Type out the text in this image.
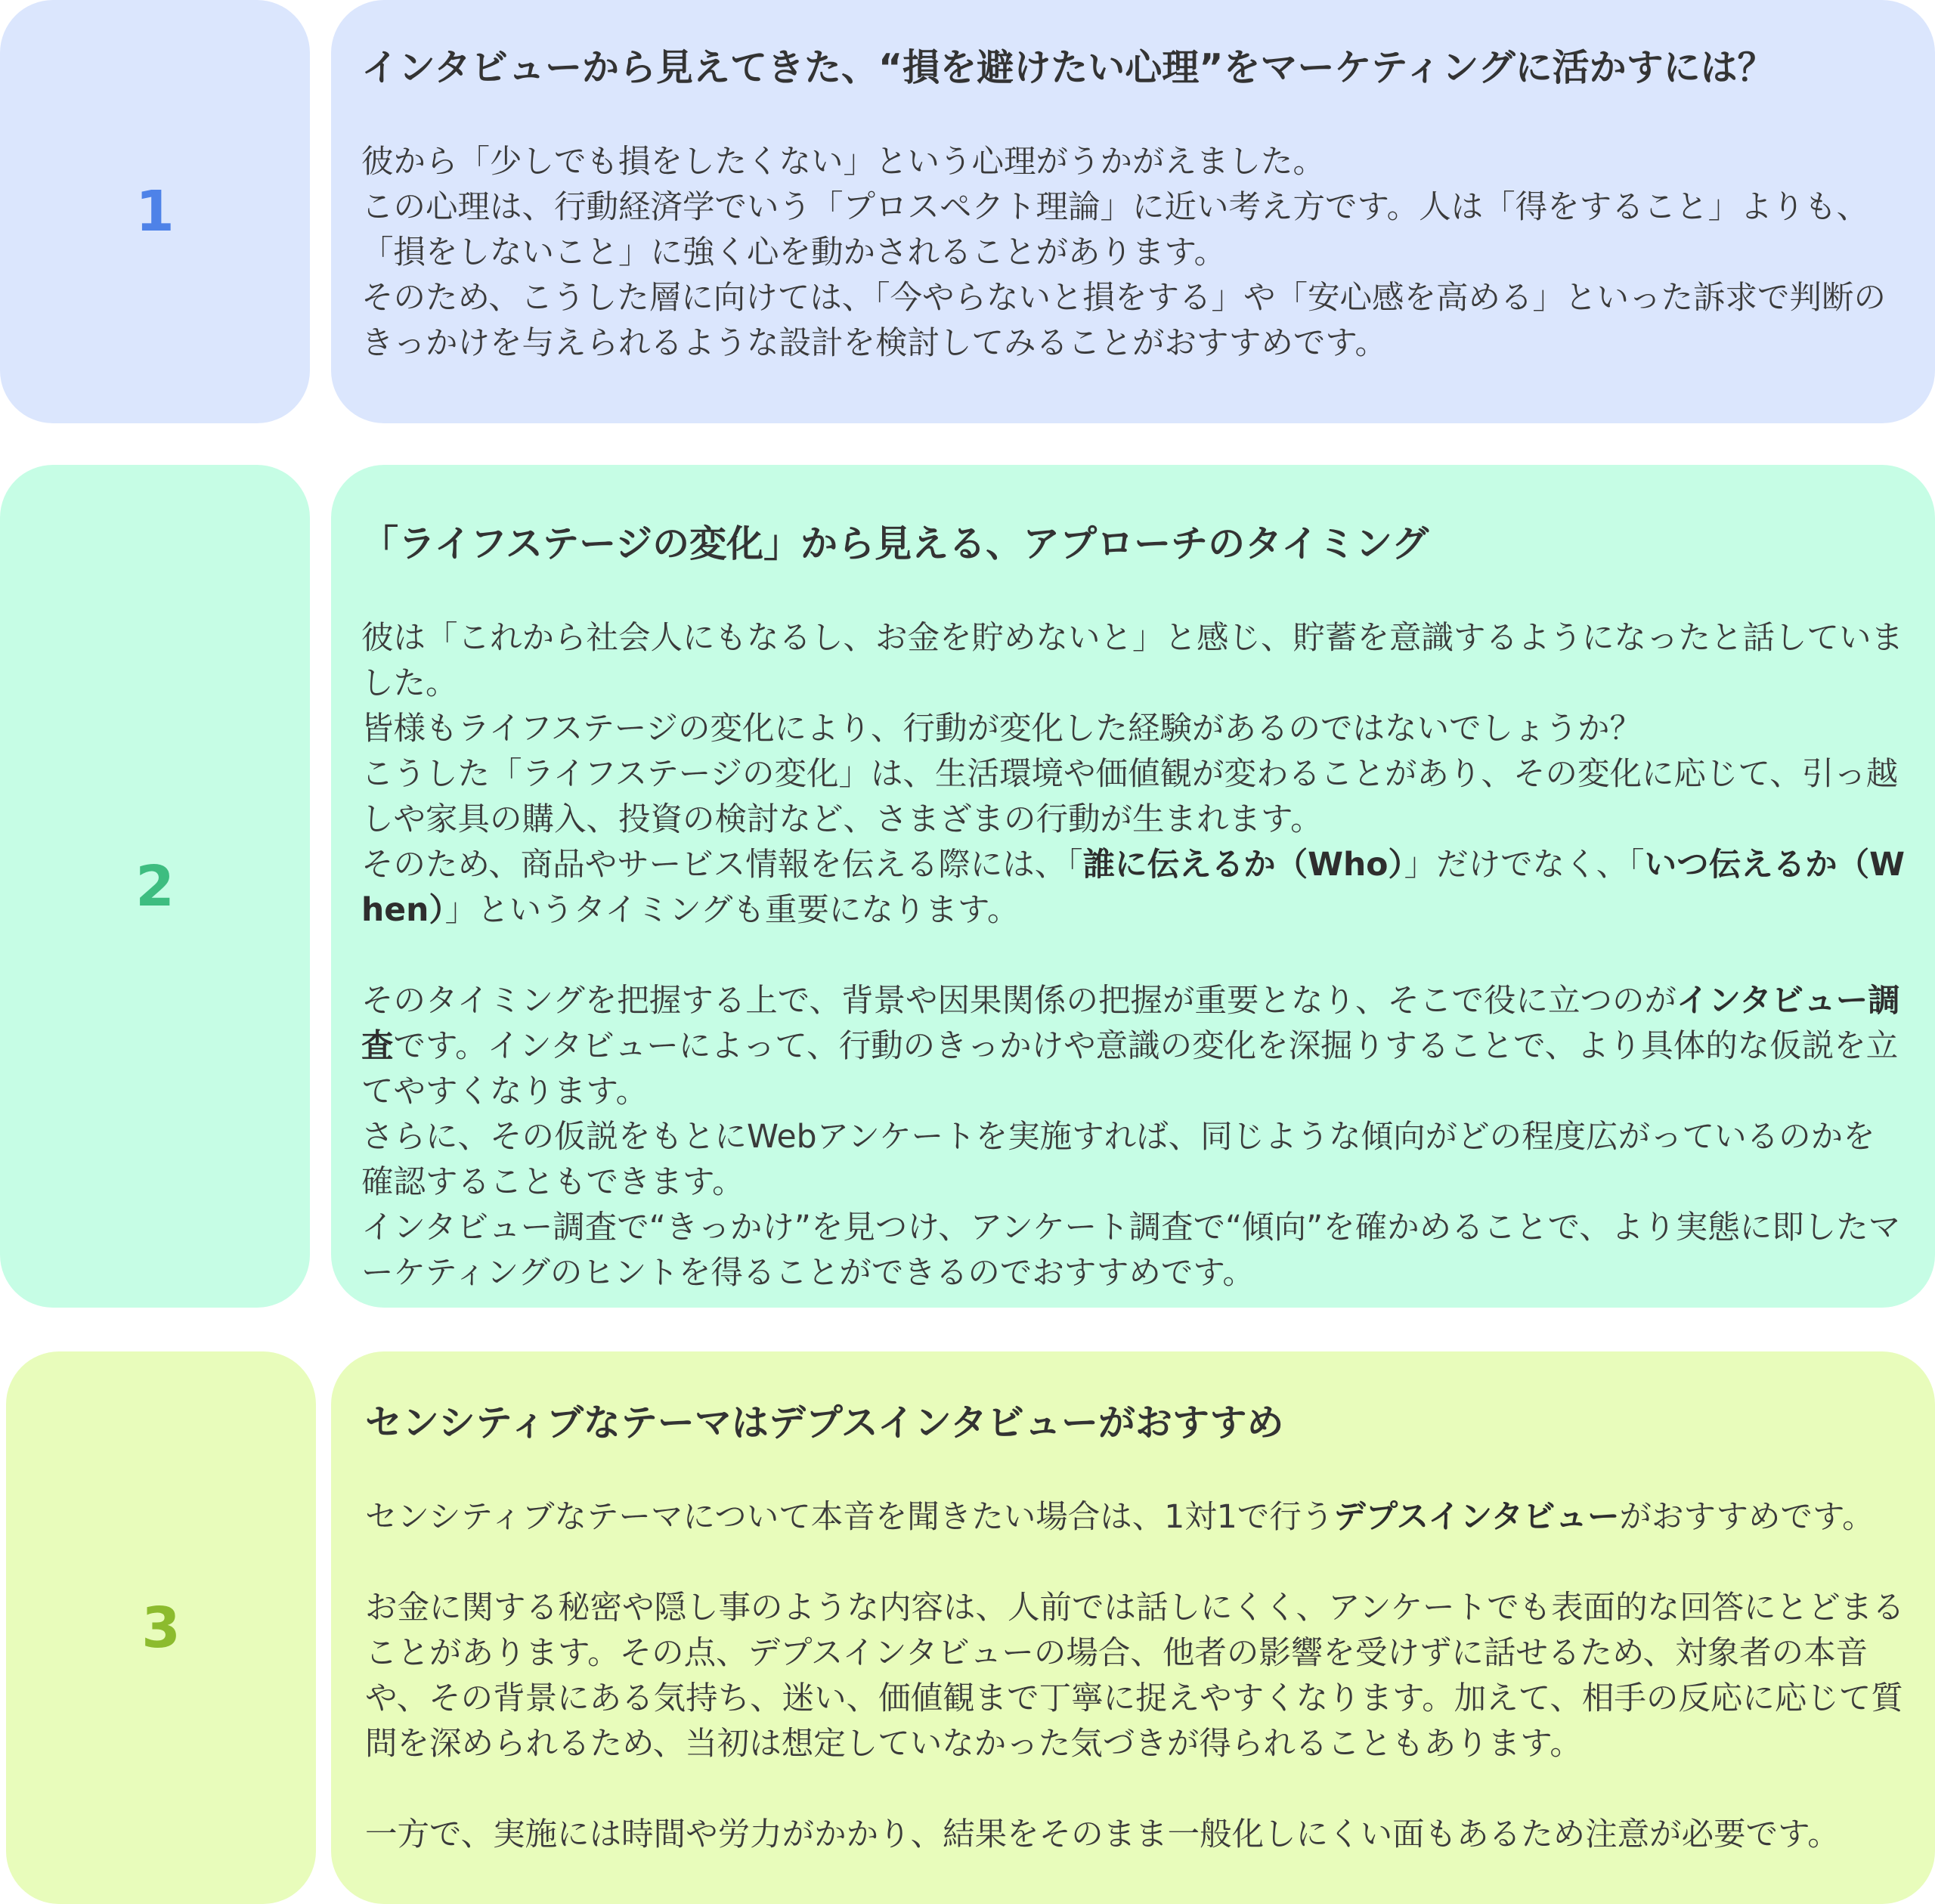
1
インタビューから見えてきた、“損を避けたい心理”をマーケティングに活かすには？

彼から「少しでも損をしたくない」という心理がうかがえました。

この心理は、行動経済学でいう「プロスペクト理論」に近い考え方です。人は「得をすること」よりも、「損をしないこと」に強く心を動かされることがあります。

そのため、こうした層に向けては、「今やらないと損をする」や「安心感を高める」といった訴求で判断のきっかけを与えられるような設計を検討してみることがおすすめです。

2
「ライフステージの変化」から見える、アプローチのタイミング

彼は「これから社会人にもなるし、お金を貯めないと」と感じ、貯蓄を意識するようになったと話していました。

皆様もライフステージの変化により、行動が変化した経験があるのではないでしょうか？

こうした「ライフステージの変化」は、生活環境や価値観が変わることがあり、その変化に応じて、引っ越しや家具の購入、投資の検討など、さまざまの行動が生まれます。

そのため、商品やサービス情報を伝える際には、「誰に伝えるか（Who）」だけでなく、「いつ伝えるか（When）」というタイミングも重要になります。

そのタイミングを把握する上で、背景や因果関係の把握が重要となり、そこで役に立つのがインタビュー調査です。インタビューによって、行動のきっかけや意識の変化を深掘りすることで、より具体的な仮説を立てやすくなります。

さらに、その仮説をもとにWebアンケートを実施すれば、同じような傾向がどの程度広がっているのかを確認することもできます。

インタビュー調査で“きっかけ”を見つけ、アンケート調査で“傾向”を確かめることで、より実態に即したマーケティングのヒントを得ることができるのでおすすめです。

3
センシティブなテーマはデプスインタビューがおすすめ

センシティブなテーマについて本音を聞きたい場合は、1対1で行うデプスインタビューがおすすめです。

お金に関する秘密や隠し事のような内容は、人前では話しにくく、アンケートでも表面的な回答にとどまることがあります。その点、デプスインタビューの場合、他者の影響を受けずに話せるため、対象者の本音や、その背景にある気持ち、迷い、価値観まで丁寧に捉えやすくなります。加えて、相手の反応に応じて質問を深められるため、当初は想定していなかった気づきが得られることもあります。

一方で、実施には時間や労力がかかり、結果をそのまま一般化しにくい面もあるため注意が必要です。
